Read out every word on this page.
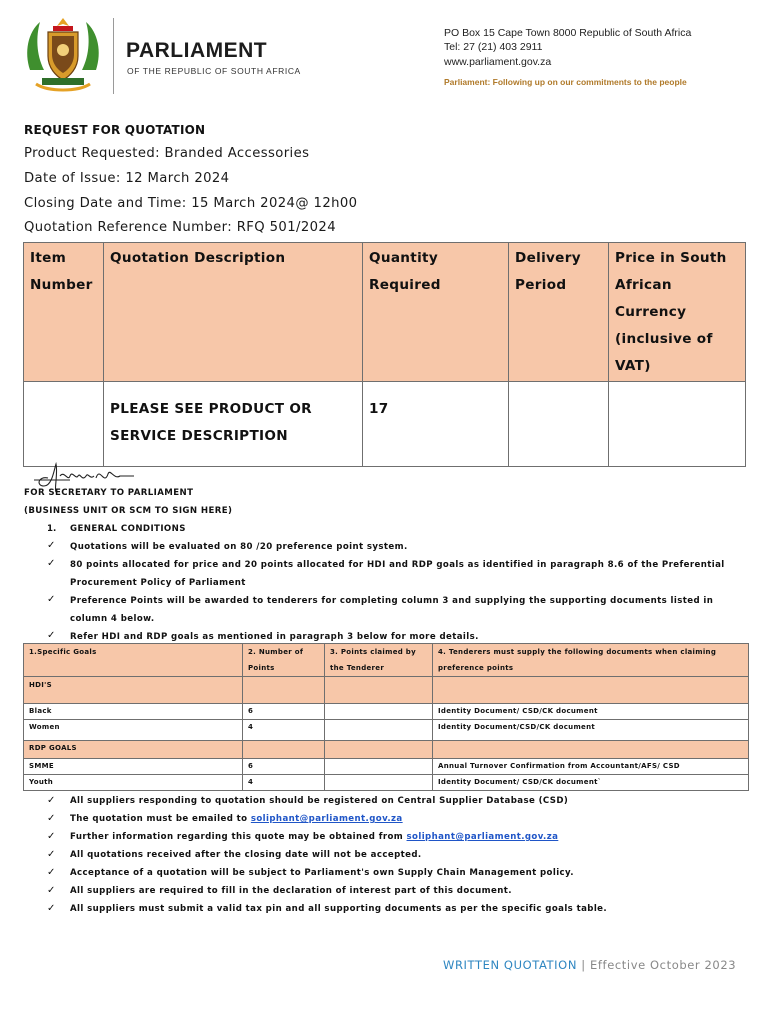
PARLIAMENT
OF THE REPUBLIC OF SOUTH AFRICA
PO Box 15 Cape Town 8000 Republic of South Africa
Tel: 27 (21) 403 2911
www.parliament.gov.za
Parliament: Following up on our commitments to the people
REQUEST FOR QUOTATION
Product Requested: Branded Accessories
Date of Issue: 12 March 2024
Closing Date and Time: 15 March 2024@ 12h00
Quotation Reference Number: RFQ 501/2024
Item Number	Quotation Description	Quantity Required	Delivery Period	Price in South African Currency (inclusive of VAT)
	PLEASE SEE PRODUCT OR SERVICE DESCRIPTION	17		
FOR SECRETARY TO PARLIAMENT
(BUSINESS UNIT OR SCM TO SIGN HERE)
1. GENERAL CONDITIONS
✓ Quotations will be evaluated on 80 /20 preference point system.
✓ 80 points allocated for price and 20 points allocated for HDI and RDP goals as identified in paragraph 8.6 of the Preferential Procurement Policy of Parliament
✓ Preference Points will be awarded to tenderers for completing column 3 and supplying the supporting documents listed in column 4 below.
✓ Refer HDI and RDP goals as mentioned in paragraph 3 below for more details.
1.Specific Goals	2. Number of Points	3. Points claimed by the Tenderer	4. Tenderers must supply the following documents when claiming preference points
HDI'S			
Black	6		Identity Document/ CSD/CK document
Women	4		Identity Document/CSD/CK document
RDP GOALS			
SMME	6		Annual Turnover Confirmation from Accountant/AFS/ CSD
Youth	4		Identity Document/ CSD/CK document`
✓ All suppliers responding to quotation should be registered on Central Supplier Database (CSD)
✓ The quotation must be emailed to soliphant@parliament.gov.za
✓ Further information regarding this quote may be obtained from soliphant@parliament.gov.za
✓ All quotations received after the closing date will not be accepted.
✓ Acceptance of a quotation will be subject to Parliament's own Supply Chain Management policy.
✓ All suppliers are required to fill in the declaration of interest part of this document.
✓ All suppliers must submit a valid tax pin and all supporting documents as per the specific goals table.
WRITTEN QUOTATION | Effective October 2023
